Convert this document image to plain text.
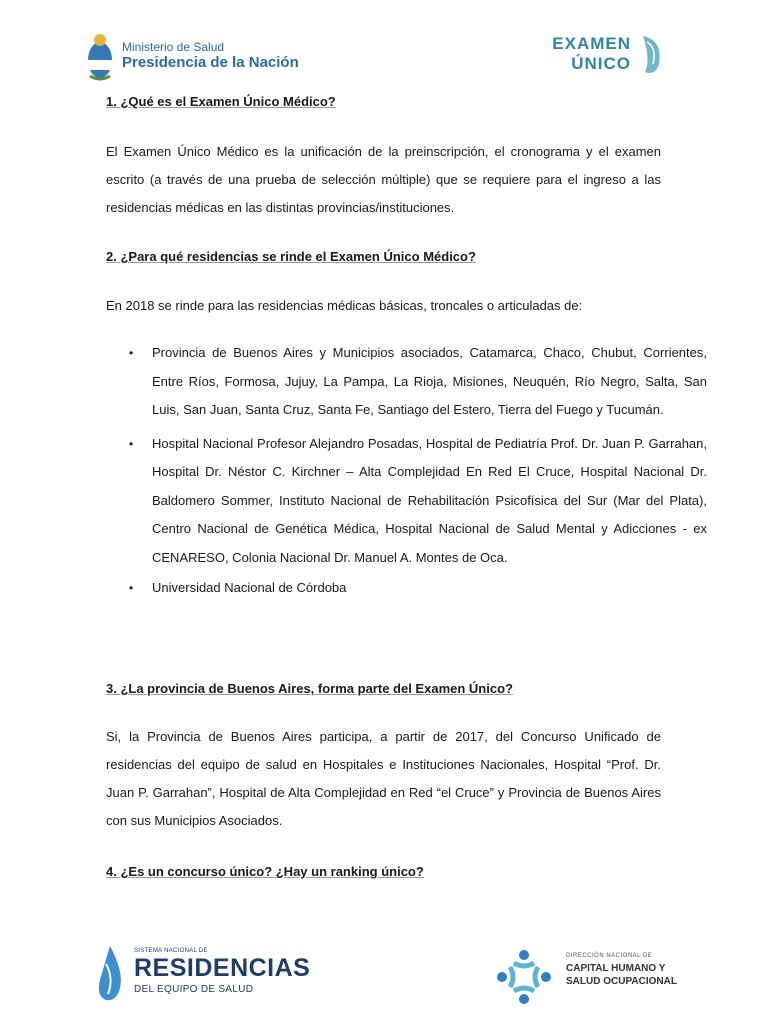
Ministerio de Salud
Presidencia de la Nación
EXAMEN
ÚNICO
1. ¿Qué es el Examen Único Médico?

El Examen Único Médico es la unificación de la preinscripción, el cronograma y el examen escrito (a través de una prueba de selección múltiple) que se requiere para el ingreso a las residencias médicas en las distintas provincias/instituciones.

2. ¿Para qué residencias se rinde el Examen Único Médico?

En 2018 se rinde para las residencias médicas básicas, troncales o articuladas de:

• Provincia de Buenos Aires y Municipios asociados, Catamarca, Chaco, Chubut, Corrientes, Entre Ríos, Formosa, Jujuy, La Pampa, La Rioja, Misiones, Neuquén, Río Negro, Salta, San Luis, San Juan, Santa Cruz, Santa Fe, Santiago del Estero, Tierra del Fuego y Tucumán.
• Hospital Nacional Profesor Alejandro Posadas, Hospital de Pediatría Prof. Dr. Juan P. Garrahan, Hospital Dr. Néstor C. Kirchner – Alta Complejidad En Red El Cruce, Hospital Nacional Dr. Baldomero Sommer, Instituto Nacional de Rehabilitación Psicofísica del Sur (Mar del Plata), Centro Nacional de Genética Médica, Hospital Nacional de Salud Mental y Adicciones - ex CENARESO, Colonia Nacional Dr. Manuel A. Montes de Oca.
• Universidad Nacional de Córdoba
3. ¿La provincia de Buenos Aires, forma parte del Examen Único?

Si, la Provincia de Buenos Aires participa, a partir de 2017, del Concurso Unificado de residencias del equipo de salud en Hospitales e Instituciones Nacionales, Hospital “Prof. Dr. Juan P. Garrahan”, Hospital de Alta Complejidad en Red “el Cruce” y Provincia de Buenos Aires con sus Municipios Asociados.

4. ¿Es un concurso único? ¿Hay un ranking único?
SISTEMA NACIONAL DE
RESIDENCIAS
DEL EQUIPO DE SALUD
DIRECCIÓN NACIONAL DE
CAPITAL HUMANO Y
SALUD OCUPACIONAL
